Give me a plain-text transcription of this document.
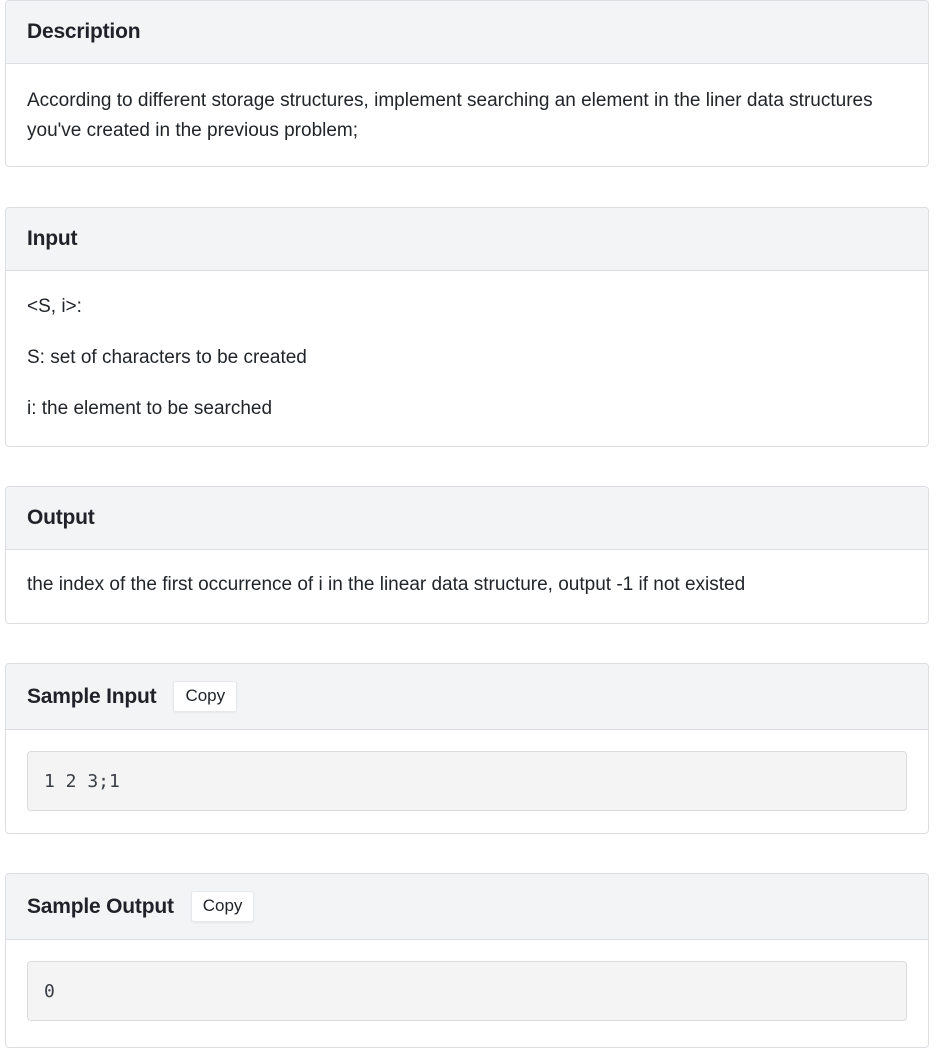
Description

According to different storage structures, implement searching an element in the liner data structures you've created in the previous problem;

Input

<S, i>:

S: set of characters to be created

i: the element to be searched

Output

the index of the first occurrence of i in the linear data structure, output -1 if not existed

Sample Input	Copy
1 2 3;1
Sample Output	Copy
0
